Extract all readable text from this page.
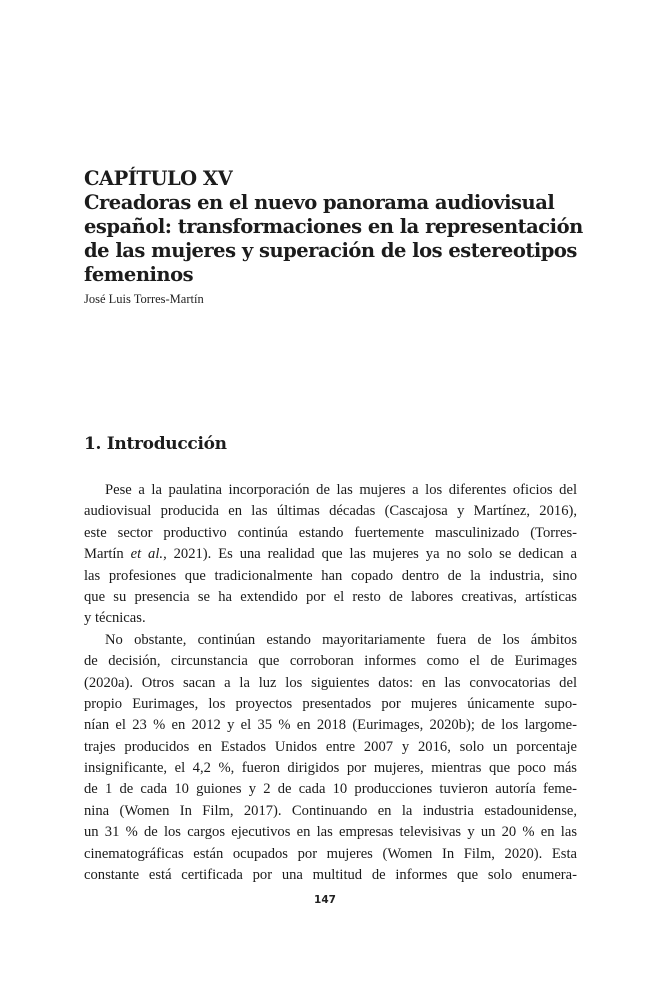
CAPÍTULO XV
Creadoras en el nuevo panorama audiovisual
español: transformaciones en la representación
de las mujeres y superación de los estereotipos
femeninos
José Luis Torres-Martín
1. Introducción
Pese a la paulatina incorporación de las mujeres a los diferentes oficios del
audiovisual producida en las últimas décadas (Cascajosa y Martínez, 2016),
este sector productivo continúa estando fuertemente masculinizado (Torres-
Martín et al., 2021). Es una realidad que las mujeres ya no solo se dedican a
las profesiones que tradicionalmente han copado dentro de la industria, sino
que su presencia se ha extendido por el resto de labores creativas, artísticas
y técnicas.
No obstante, continúan estando mayoritariamente fuera de los ámbitos
de decisión, circunstancia que corroboran informes como el de Eurimages
(2020a). Otros sacan a la luz los siguientes datos: en las convocatorias del
propio Eurimages, los proyectos presentados por mujeres únicamente supo-
nían el 23 % en 2012 y el 35 % en 2018 (Eurimages, 2020b); de los largome-
trajes producidos en Estados Unidos entre 2007 y 2016, solo un porcentaje
insignificante, el 4,2 %, fueron dirigidos por mujeres, mientras que poco más
de 1 de cada 10 guiones y 2 de cada 10 producciones tuvieron autoría feme-
nina (Women In Film, 2017). Continuando en la industria estadounidense,
un 31 % de los cargos ejecutivos en las empresas televisivas y un 20 % en las
cinematográficas están ocupados por mujeres (Women In Film, 2020). Esta
constante está certificada por una multitud de informes que solo enumera-
147
